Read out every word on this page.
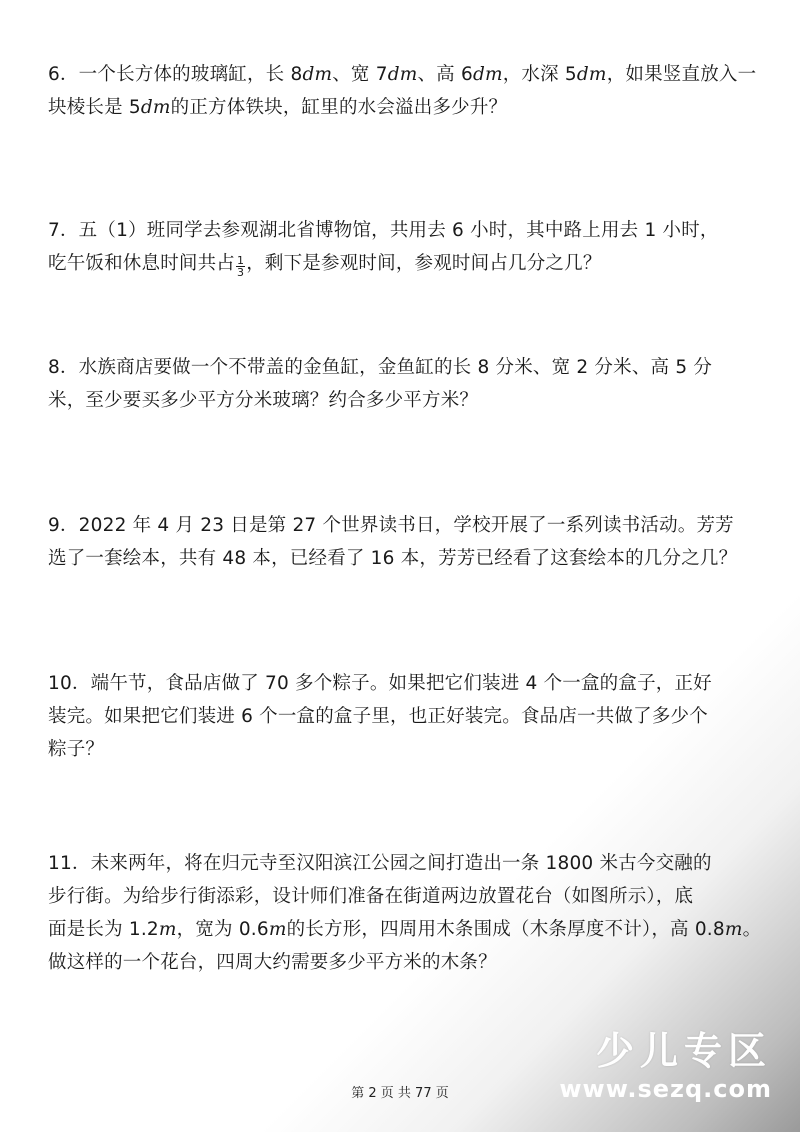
6．一个长方体的玻璃缸，长 8dm、宽 7dm、高 6dm，水深 5dm，如果竖直放入一
块棱长是 5dm的正方体铁块，缸里的水会溢出多少升？
7．五（1）班同学去参观湖北省博物馆，共用去 6 小时，其中路上用去 1 小时，
吃午饭和休息时间共占 $\frac{1}{3}$ ，剩下是参观时间，参观时间占几分之几？
8．水族商店要做一个不带盖的金鱼缸，金鱼缸的长 8 分米、宽 2 分米、高 5 分
米，至少要买多少平方分米玻璃？约合多少平方米？
9．2022 年 4 月 23 日是第 27 个世界读书日，学校开展了一系列读书活动。芳芳
选了一套绘本，共有 48 本，已经看了 16 本，芳芳已经看了这套绘本的几分之几？
10．端午节，食品店做了 70 多个粽子。如果把它们装进 4 个一盒的盒子，正好
装完。如果把它们装进 6 个一盒的盒子里，也正好装完。食品店一共做了多少个
粽子？
11．未来两年，将在归元寺至汉阳滨江公园之间打造出一条 1800 米古今交融的
步行街。为给步行街添彩，设计师们准备在街道两边放置花台（如图所示），底
面是长为 1.2m，宽为 0.6m的长方形，四周用木条围成（木条厚度不计），高 0.8m。
做这样的一个花台，四周大约需要多少平方米的木条？
少儿专区
www.sezq.com
第 2 页 共 77 页
